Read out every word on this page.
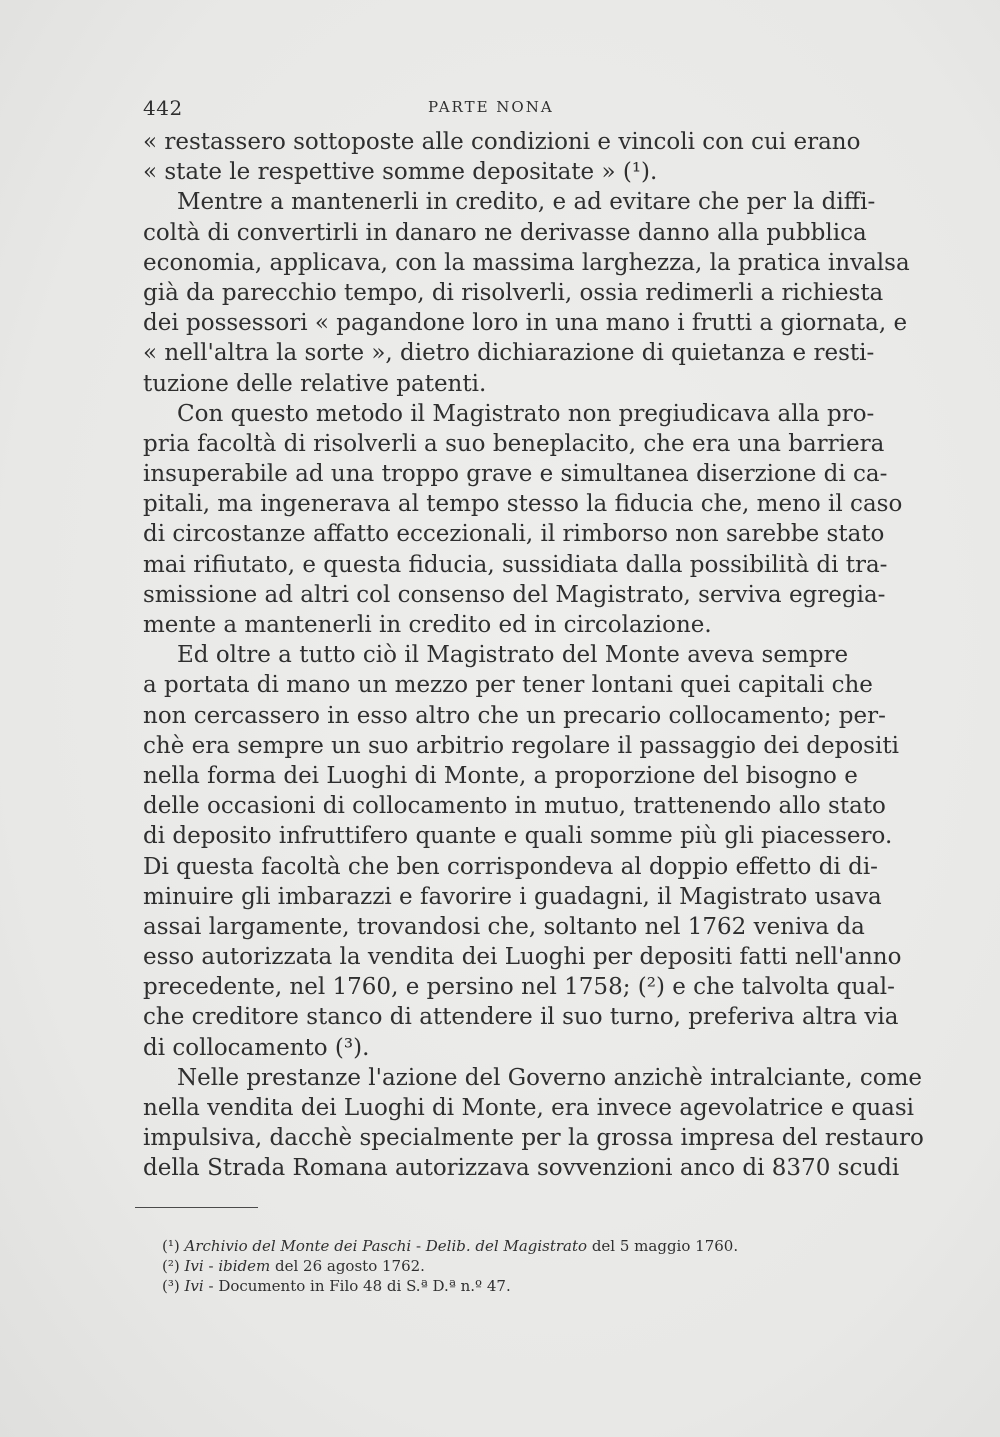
442	PARTE NONA
« restassero sottoposte alle condizioni e vincoli con cui erano
« state le respettive somme depositate » (¹).
Mentre a mantenerli in credito, e ad evitare che per la diffi-
coltà di convertirli in danaro ne derivasse danno alla pubblica
economia, applicava, con la massima larghezza, la pratica invalsa
già da parecchio tempo, di risolverli, ossia redimerli a richiesta
dei possessori « pagandone loro in una mano i frutti a giornata, e
« nell'altra la sorte », dietro dichiarazione di quietanza e resti-
tuzione delle relative patenti.
Con questo metodo il Magistrato non pregiudicava alla pro-
pria facoltà di risolverli a suo beneplacito, che era una barriera
insuperabile ad una troppo grave e simultanea diserzione di ca-
pitali, ma ingenerava al tempo stesso la fiducia che, meno il caso
di circostanze affatto eccezionali, il rimborso non sarebbe stato
mai rifiutato, e questa fiducia, sussidiata dalla possibilità di tra-
smissione ad altri col consenso del Magistrato, serviva egregia-
mente a mantenerli in credito ed in circolazione.
Ed oltre a tutto ciò il Magistrato del Monte aveva sempre
a portata di mano un mezzo per tener lontani quei capitali che
non cercassero in esso altro che un precario collocamento; per-
chè era sempre un suo arbitrio regolare il passaggio dei depositi
nella forma dei Luoghi di Monte, a proporzione del bisogno e
delle occasioni di collocamento in mutuo, trattenendo allo stato
di deposito infruttifero quante e quali somme più gli piacessero.
Di questa facoltà che ben corrispondeva al doppio effetto di di-
minuire gli imbarazzi e favorire i guadagni, il Magistrato usava
assai largamente, trovandosi che, soltanto nel 1762 veniva da
esso autorizzata la vendita dei Luoghi per depositi fatti nell'anno
precedente, nel 1760, e persino nel 1758; (²) e che talvolta qual-
che creditore stanco di attendere il suo turno, preferiva altra via
di collocamento (³).
Nelle prestanze l'azione del Governo anzichè intralciante, come
nella vendita dei Luoghi di Monte, era invece agevolatrice e quasi
impulsiva, dacchè specialmente per la grossa impresa del restauro
della Strada Romana autorizzava sovvenzioni anco di 8370 scudi
(¹) Archivio del Monte dei Paschi - Delib. del Magistrato del 5 maggio 1760.
(²) Ivi - ibidem del 26 agosto 1762.
(³) Ivi - Documento in Filo 48 di S.ª D.ª n.º 47.
